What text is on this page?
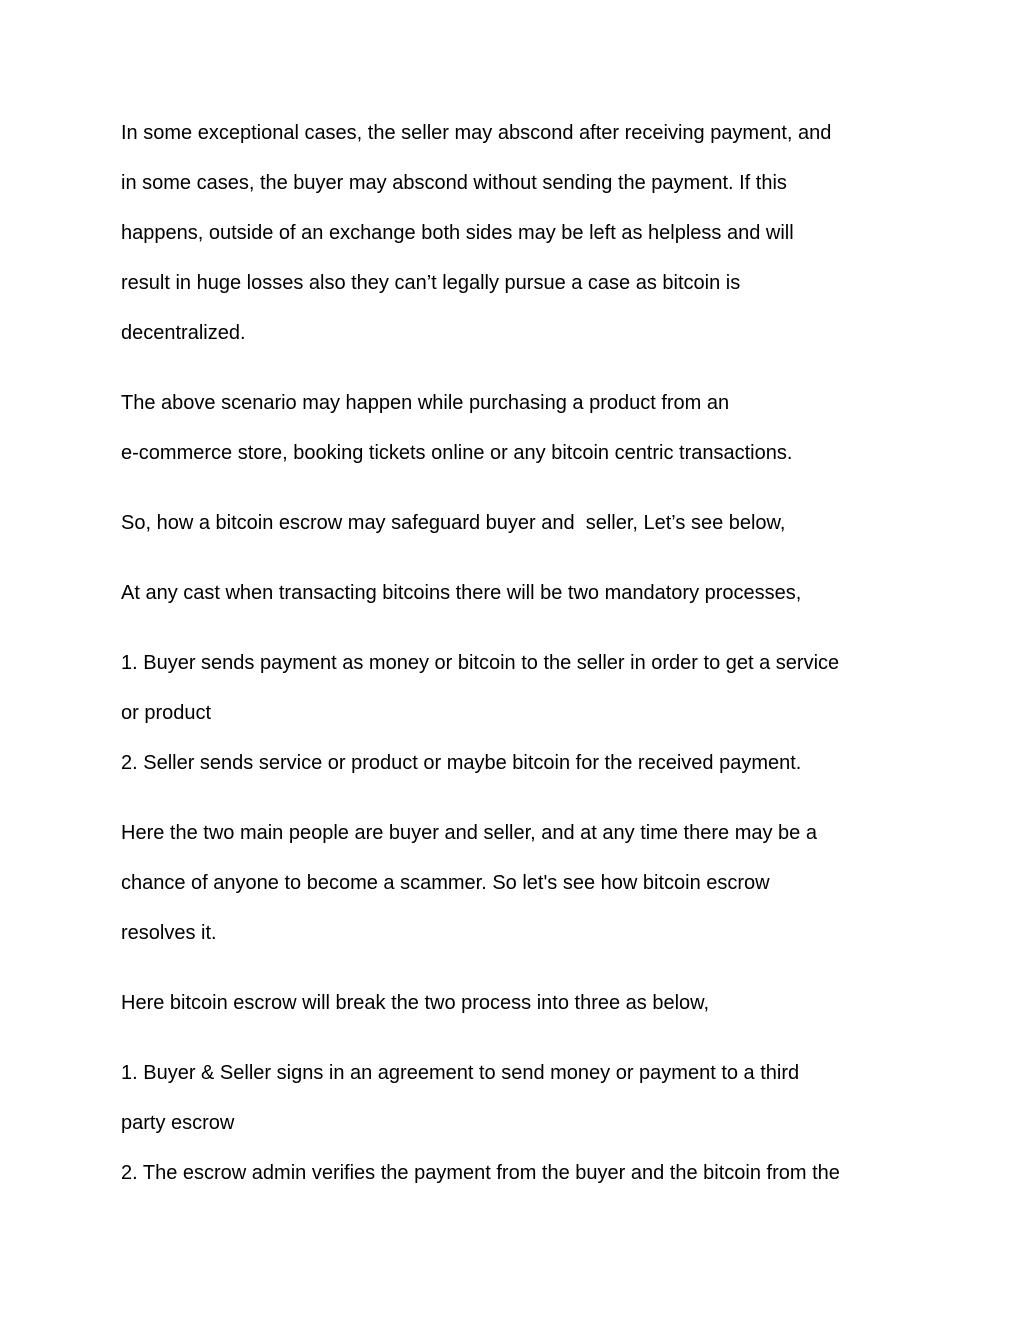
In some exceptional cases, the seller may abscond after receiving payment, and
in some cases, the buyer may abscond without sending the payment. If this
happens, outside of an exchange both sides may be left as helpless and will
result in huge losses also they can’t legally pursue a case as bitcoin is
decentralized.
The above scenario may happen while purchasing a product from an
e-commerce store, booking tickets online or any bitcoin centric transactions.
So, how a bitcoin escrow may safeguard buyer and  seller, Let’s see below,
At any cast when transacting bitcoins there will be two mandatory processes,
1. Buyer sends payment as money or bitcoin to the seller in order to get a service
or product
2. Seller sends service or product or maybe bitcoin for the received payment.
Here the two main people are buyer and seller, and at any time there may be a
chance of anyone to become a scammer. So let's see how bitcoin escrow
resolves it.
Here bitcoin escrow will break the two process into three as below,
1. Buyer & Seller signs in an agreement to send money or payment to a third
party escrow
2. The escrow admin verifies the payment from the buyer and the bitcoin from the
